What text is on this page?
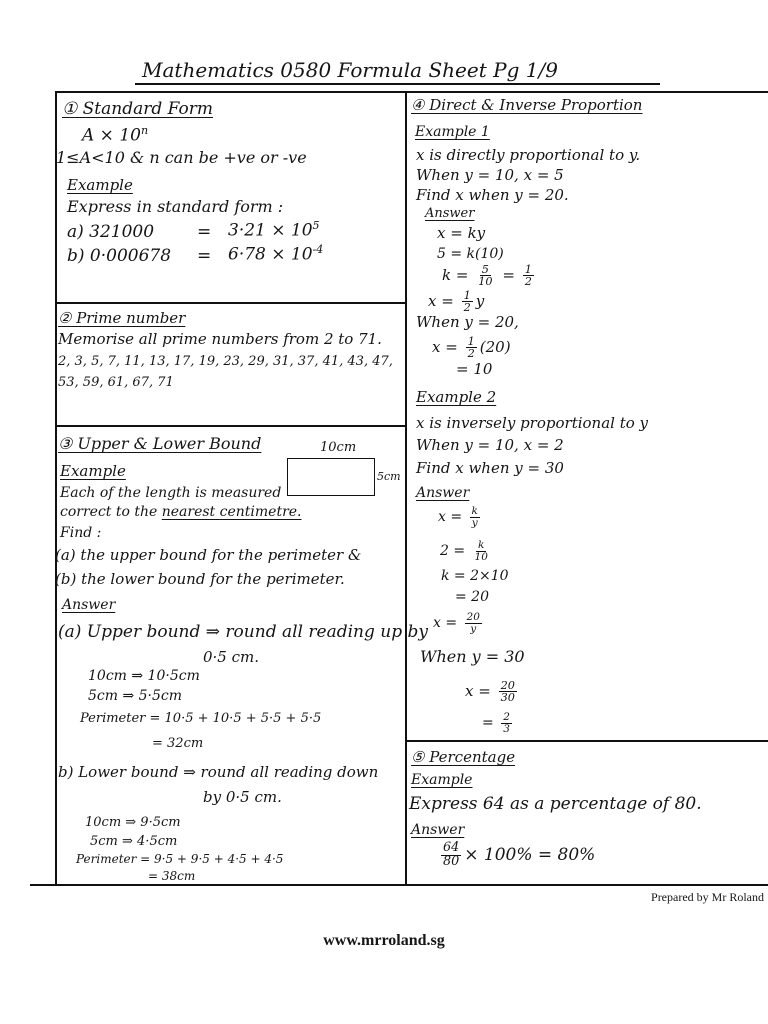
Mathematics 0580 Formula Sheet Pg 1/9
① Standard Form
$A \times 10^n$
1≤A<10 & n can be +ve or -ve
Example
Express in standard form :
a) 321000	= $3\cdot 21 \times 10^5$
b) $0\cdot 000678 = 6\cdot 78 \times 10^{-4}$
② Prime number
Memorise all prime numbers from 2 to 71.
2, 3, 5, 7, 11, 13, 17, 19, 23, 29, 31, 37, 41, 43, 47,
53, 59, 61, 67, 71
③ Upper & Lower Bound	10cm
5cm
Example
Each of the length is measured
correct to the nearest centimetre.
Find :
(a) the upper bound for the perimeter &
(b) the lower bound for the perimeter.
Answer
(a) Upper bound ⇒ round all reading up by
0·5 cm.
10cm ⇒ 10·5cm
5cm ⇒ 5·5cm
Perimeter = 10·5 + 10·5 + 5·5 + 5·5
= 32cm
b) Lower bound ⇒ round all reading down
by 0·5 cm.
10cm ⇒ 9·5cm
5cm ⇒ 4·5cm
Perimeter = 9·5 + 9·5 + 4·5 + 4·5
= 38cm
④ Direct & Inverse Proportion
Example 1
x is directly proportional to y.
When y = 10, x = 5
Find x when y = 20.
Answer
x = ky
5 = k(10)
$k = \frac{5}{10} = \frac{1}{2}$
$x = \frac{1}{2}$ y
When y = 20,
$x = \frac{1}{2} (20)$
= 10
Example 2
x is inversely proportional to y
When y = 10, x = 2
Find x when y = 30
Answer
$x = \frac{k}{y}$
$2 = \frac{k}{10}$
k = 2×10
= 20
$x = \frac{20}{y}$
When y = 30
$x = \frac{20}{30}$
= $\frac{2}{3}$
⑤ Percentage
Example
Express 64 as a percentage of 80.
Answer
$\frac{64}{80} \times 100\% = 80\%$
Prepared by Mr Roland
www.mrroland.sg
